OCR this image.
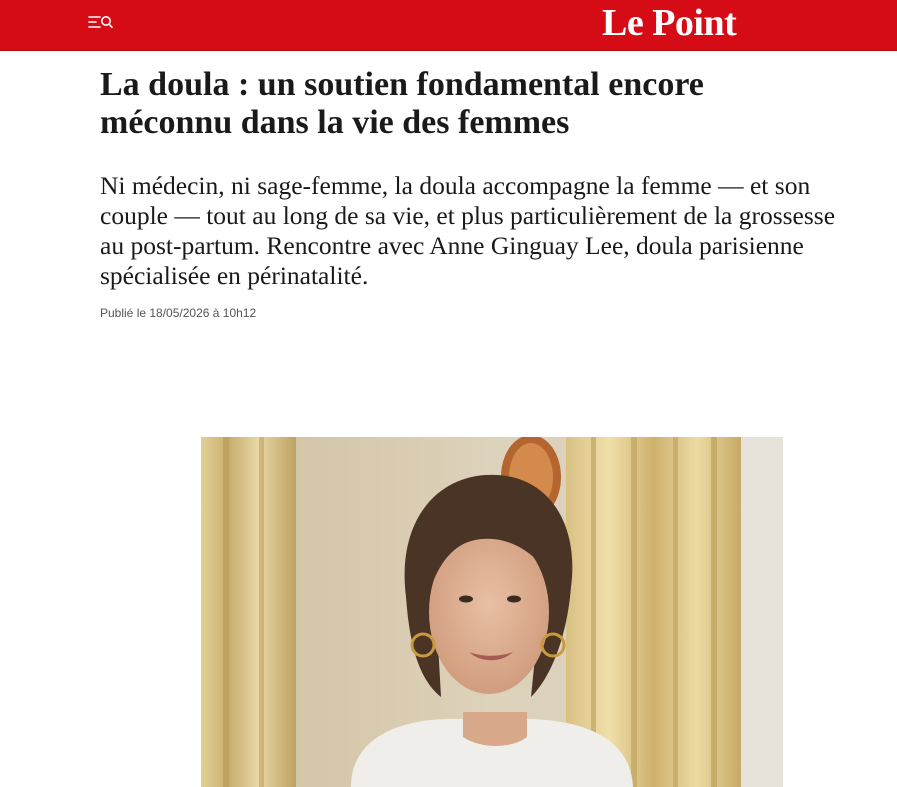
Le Point
La doula : un soutien fondamental encore méconnu dans la vie des femmes

Ni médecin, ni sage-femme, la doula accompagne la femme — et son couple — tout au long de sa vie, et plus particulièrement de la grossesse au post-partum. Rencontre avec Anne Ginguay Lee, doula parisienne spécialisée en périnatalité.

Publié le 18/05/2026 à 10h12
